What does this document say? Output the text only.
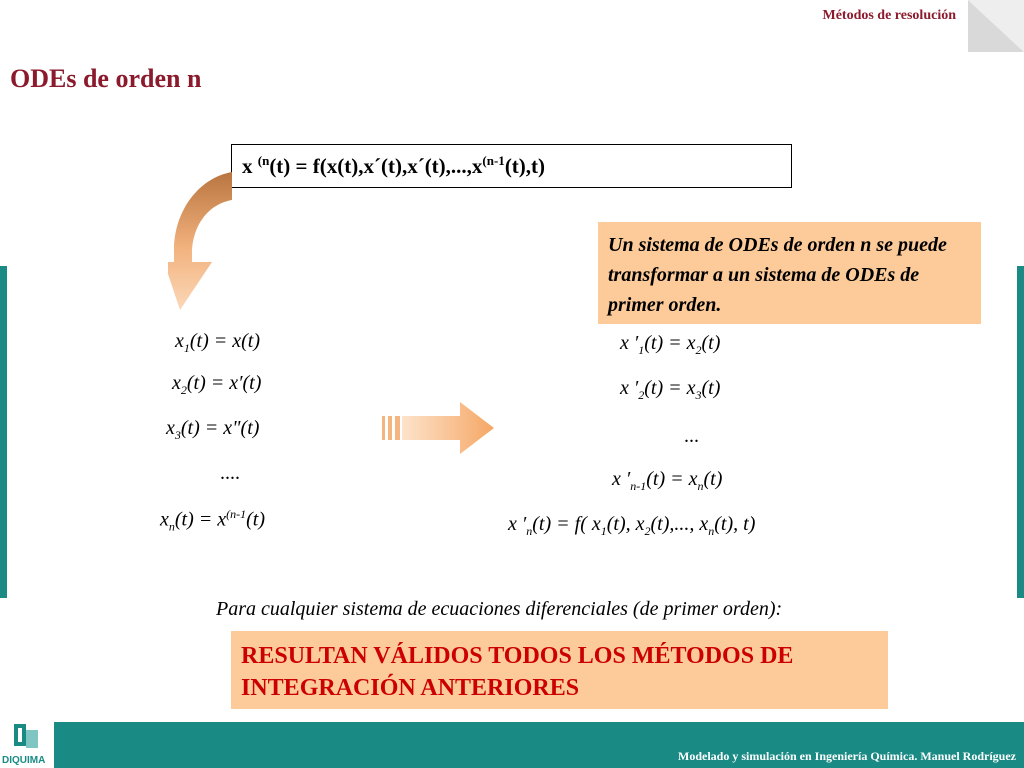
Métodos de resolución
ODEs de orden n
x $^{(n}(t) = f(x(t),x´(t),x´(t),...,x^{(n-1}(t),t)$
Un sistema de ODEs de orden n se puede transformar a un sistema de ODEs de primer orden.
$x_1(t) = x(t)$
$x_2(t) = x'(t)$
$x_3(t)$ = x"(t)
....
$x_n(t) = x^{(n-1}(t)$
x $'_1(t) = x_2(t)$
x $'_2(t) = x_3(t)$
...
x $'_{n-1}(t) = x_n(t)$
x $'_n(t) = f$( $x_1(t)$, $x_2(t)$,..., $x_n(t)$, t)
Para cualquier sistema de ecuaciones diferenciales (de primer orden):
RESULTAN VÁLIDOS TODOS LOS MÉTODOS DE INTEGRACIÓN ANTERIORES
Modelado y simulación en Ingeniería Química. Manuel Rodríguez
DIQUIMA
